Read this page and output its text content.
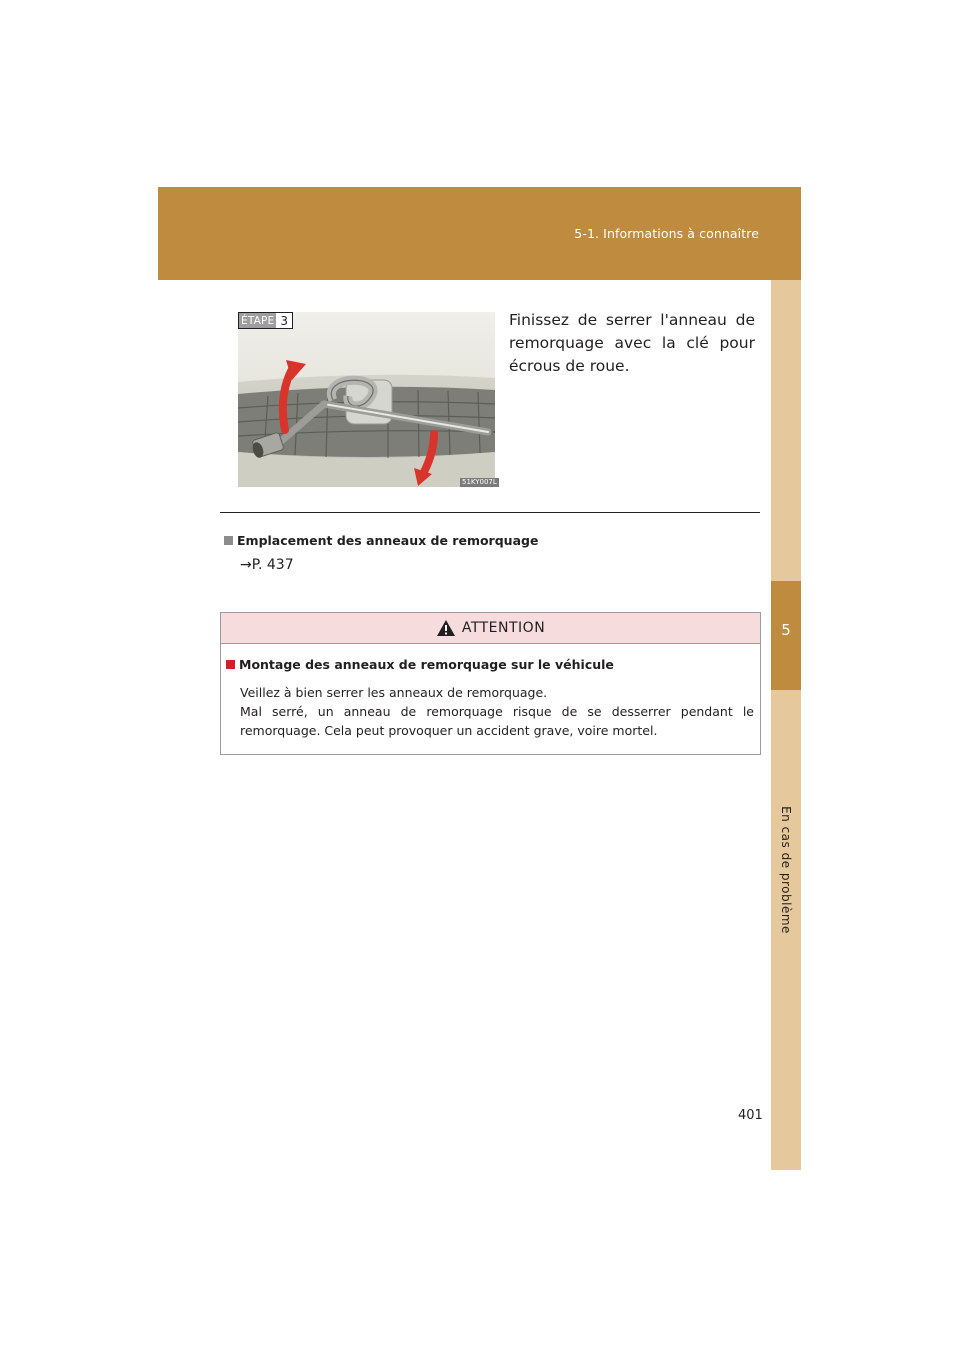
5-1. Informations à connaître
5
En cas de problème
ÉTAPE 3
51KY007L
Finissez de serrer l'anneau de remorquage avec la clé pour écrous de roue.
Emplacement des anneaux de remorquage
→P. 437
ATTENTION
Montage des anneaux de remorquage sur le véhicule

Veillez à bien serrer les anneaux de remorquage.

Mal serré, un anneau de remorquage risque de se desserrer pendant le remorquage. Cela peut provoquer un accident grave, voire mortel.

401
